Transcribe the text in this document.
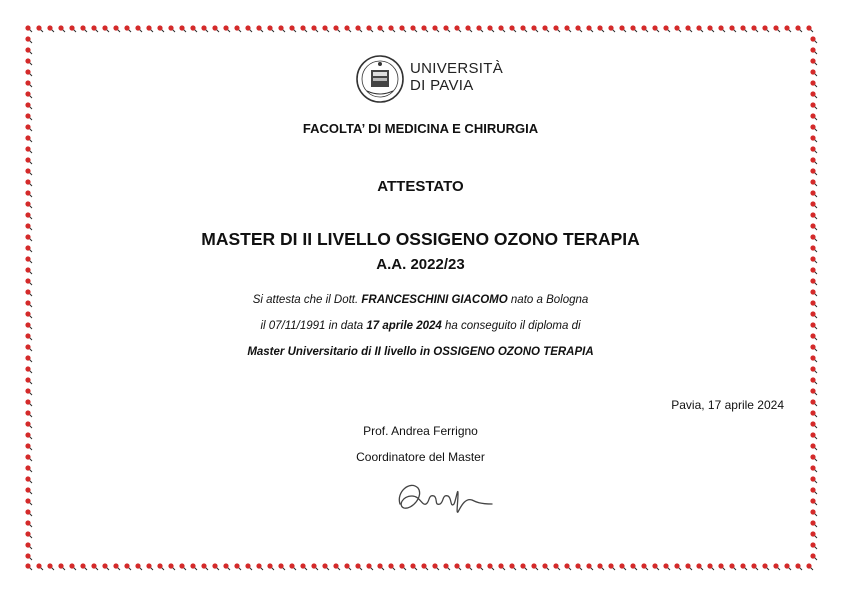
UNIVERSITÀ
DI PAVIA
FACOLTA’ DI MEDICINA E CHIRURGIA
ATTESTATO
MASTER DI II LIVELLO OSSIGENO OZONO TERAPIA
A.A. 2022/23
Si attesta che il Dott. FRANCESCHINI GIACOMO nato a Bologna
il 07/11/1991 in data 17 aprile 2024 ha conseguito il diploma di
Master Universitario di II livello in OSSIGENO OZONO TERAPIA
Pavia, 17 aprile 2024
Prof. Andrea Ferrigno
Coordinatore del Master
